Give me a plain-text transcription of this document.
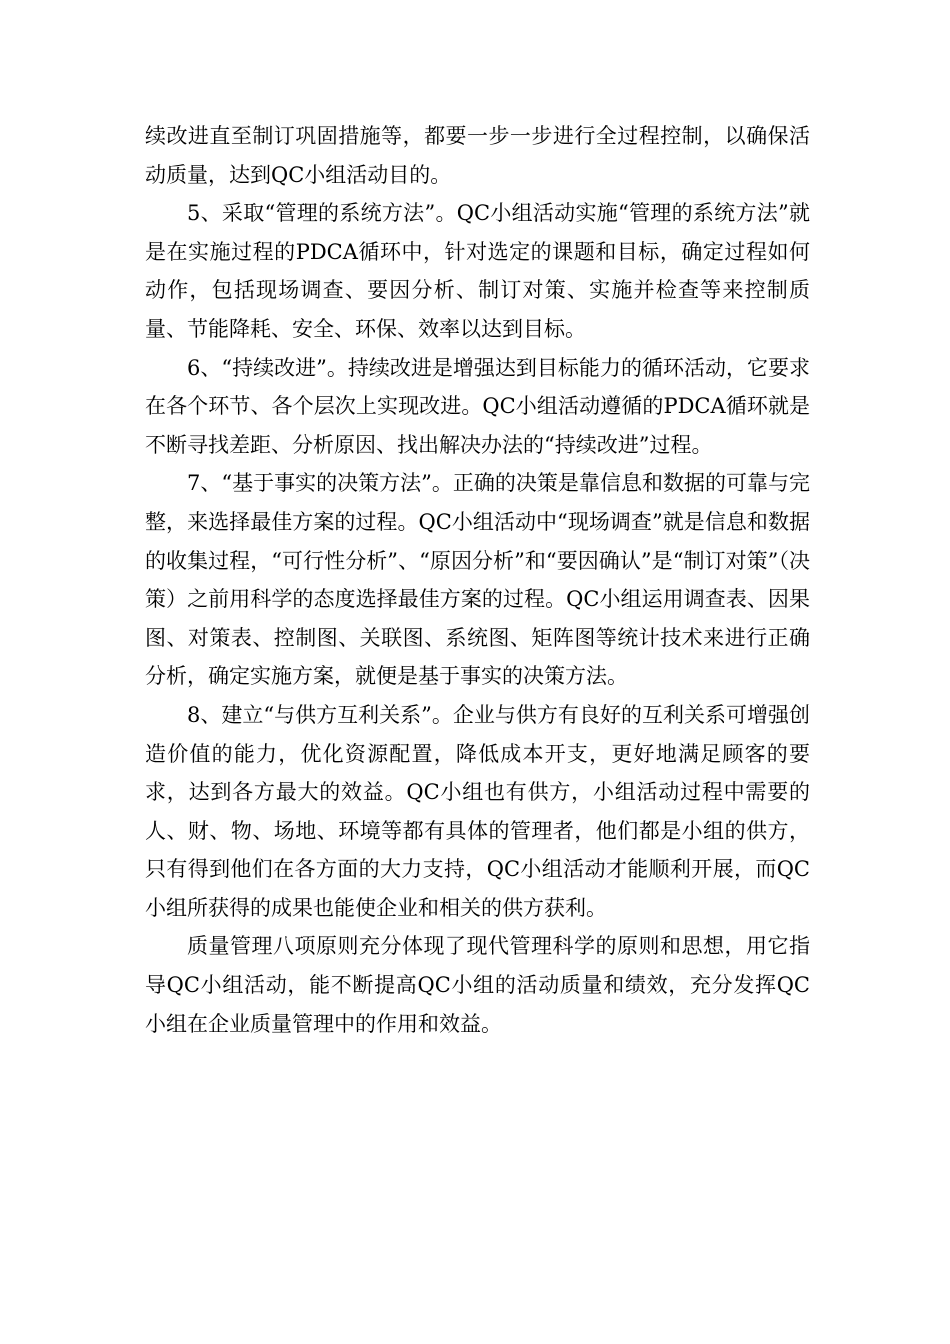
续改进直至制订巩固措施等，都要一步一步进行全过程控制，以确保活动质量，达到QC小组活动目的。

5、采取“管理的系统方法”。QC小组活动实施“管理的系统方法”就是在实施过程的PDCA循环中，针对选定的课题和目标，确定过程如何动作，包括现场调查、要因分析、制订对策、实施并检查等来控制质量、节能降耗、安全、环保、效率以达到目标。

6、“持续改进”。持续改进是增强达到目标能力的循环活动，它要求在各个环节、各个层次上实现改进。QC小组活动遵循的PDCA循环就是不断寻找差距、分析原因、找出解决办法的“持续改进”过程。

7、“基于事实的决策方法”。正确的决策是靠信息和数据的可靠与完整，来选择最佳方案的过程。QC小组活动中“现场调查”就是信息和数据的收集过程，“可行性分析”、“原因分析”和“要因确认”是“制订对策”（决策）之前用科学的态度选择最佳方案的过程。QC小组运用调查表、因果图、对策表、控制图、关联图、系统图、矩阵图等统计技术来进行正确分析，确定实施方案，就便是基于事实的决策方法。

8、建立“与供方互利关系”。企业与供方有良好的互利关系可增强创造价值的能力，优化资源配置，降低成本开支，更好地满足顾客的要求，达到各方最大的效益。QC小组也有供方，小组活动过程中需要的人、财、物、场地、环境等都有具体的管理者，他们都是小组的供方，只有得到他们在各方面的大力支持，QC小组活动才能顺利开展，而QC小组所获得的成果也能使企业和相关的供方获利。

质量管理八项原则充分体现了现代管理科学的原则和思想，用它指导QC小组活动，能不断提高QC小组的活动质量和绩效，充分发挥QC小组在企业质量管理中的作用和效益。
